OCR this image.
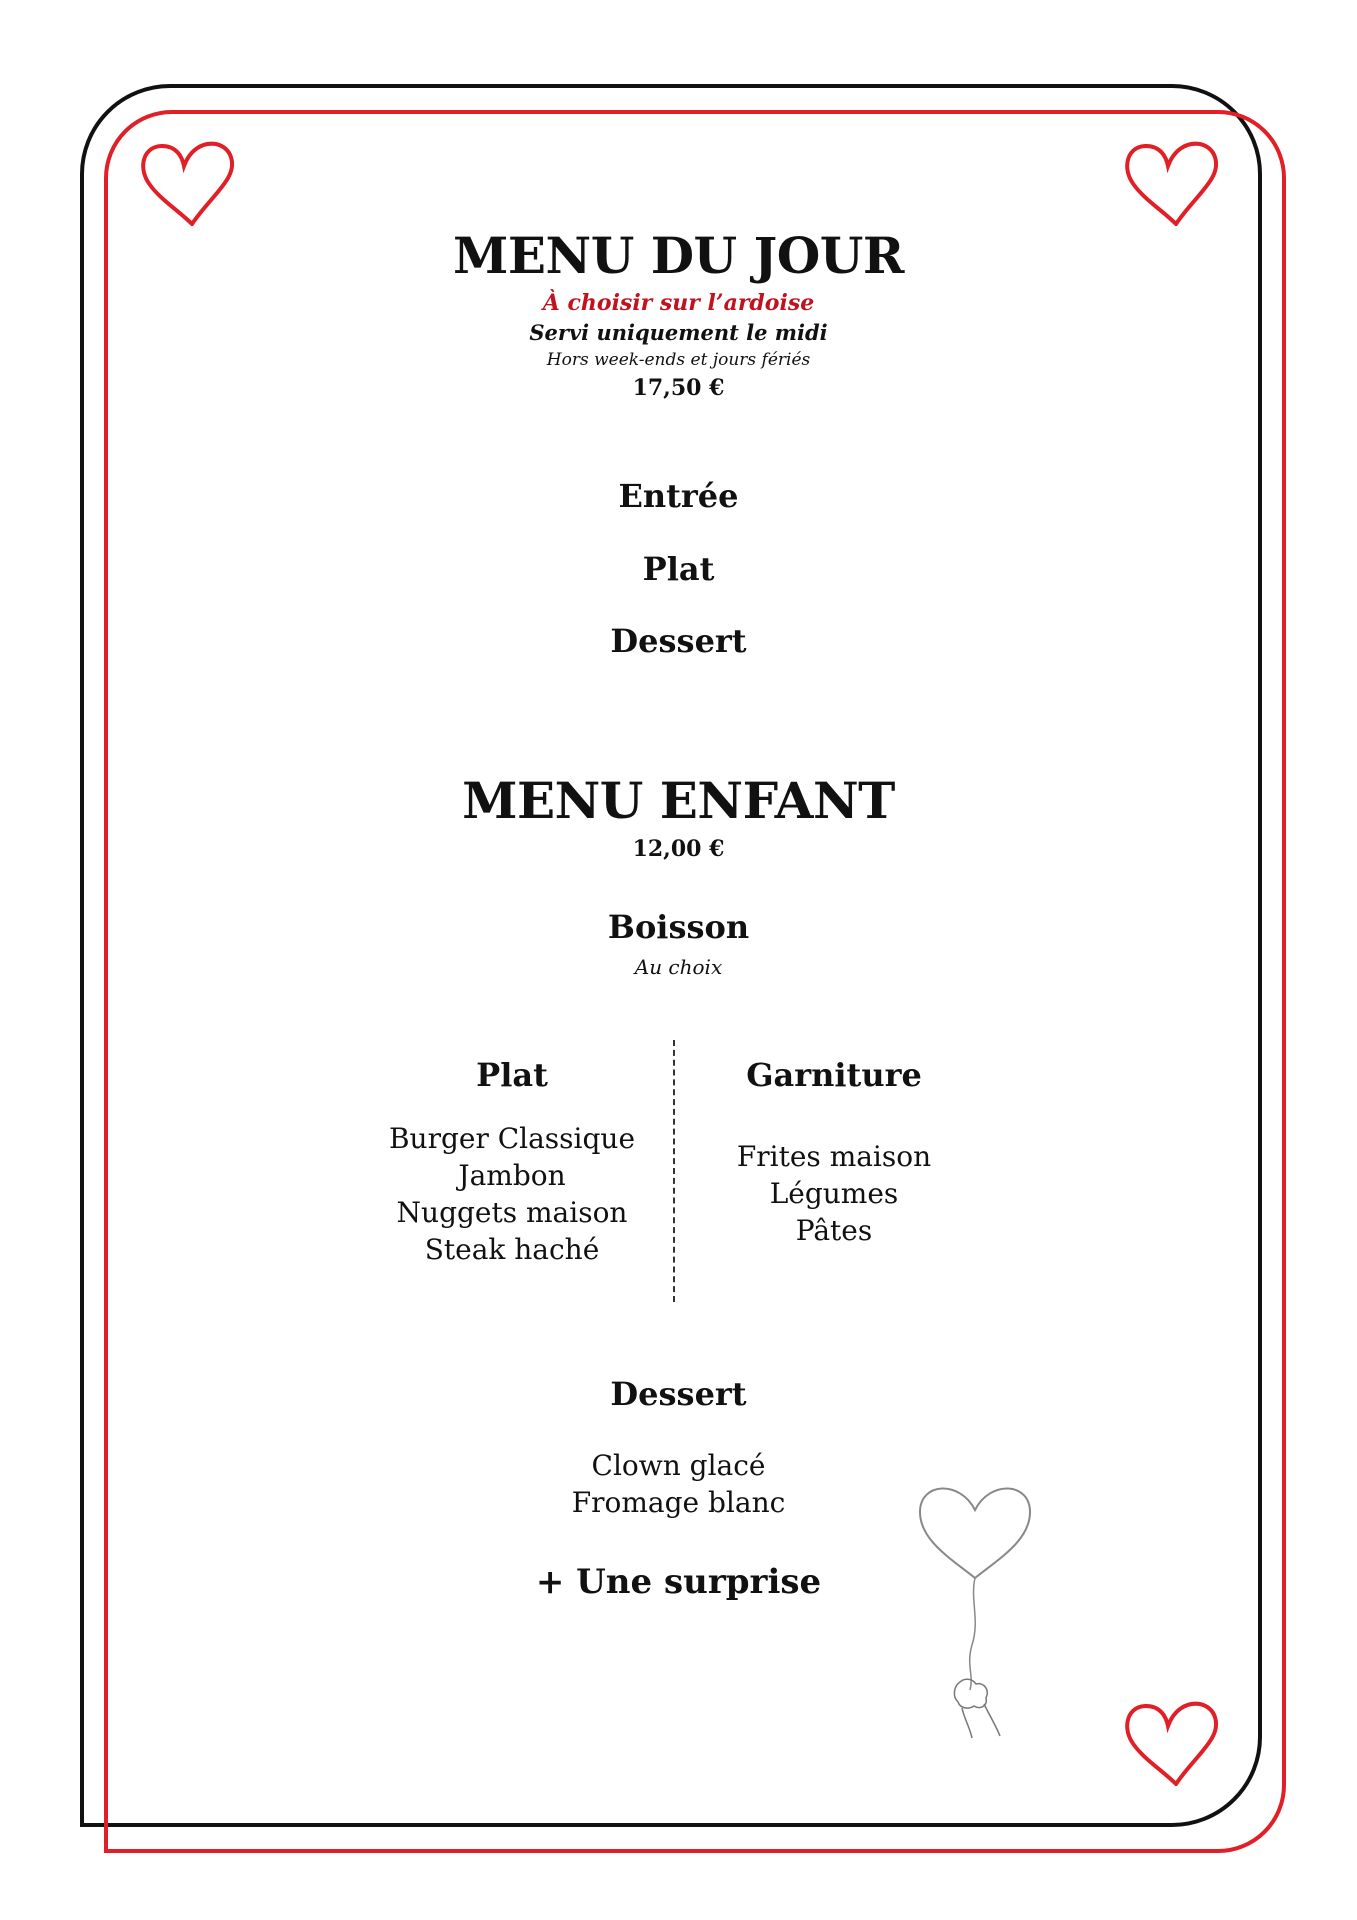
MENU DU JOUR
À choisir sur l’ardoise
Servi uniquement le midi
Hors week-ends et jours fériés
17,50 €
Entrée
Plat
Dessert
MENU ENFANT
12,00 €
Boisson
Au choix
Plat
Burger Classique
Jambon
Nuggets maison
Steak haché
Garniture
Frites maison
Légumes
Pâtes
Dessert
Clown glacé
Fromage blanc
+ Une surprise
